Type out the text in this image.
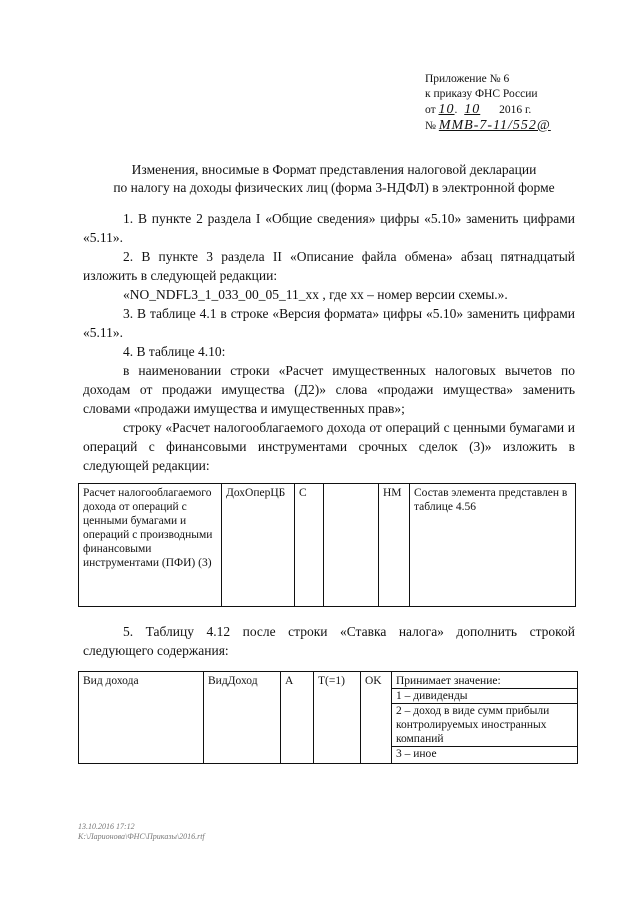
Приложение № 6
к приказу ФНС России
от 10. 10 2016 г.
№ ММВ-7-11/552@
Изменения, вносимые в Формат представления налоговой декларации
по налогу на доходы физических лиц (форма 3-НДФЛ) в электронной форме
1. В пункте 2 раздела I «Общие сведения» цифры «5.10» заменить цифрами «5.11».
2. В пункте 3 раздела II «Описание файла обмена» абзац пятнадцатый изложить в следующей редакции:
«NO_NDFL3_1_033_00_05_11_xx , где xx – номер версии схемы.».
3. В таблице 4.1 в строке «Версия формата» цифры «5.10» заменить цифрами «5.11».
4. В таблице 4.10:
в наименовании строки «Расчет имущественных налоговых вычетов по доходам от продажи имущества (Д2)» слова «продажи имущества» заменить словами «продажи имущества и имущественных прав»;
строку «Расчет налогооблагаемого дохода от операций с ценными бумагами и операций с финансовыми инструментами срочных сделок (3)» изложить в следующей редакции:
Расчет налогооблагаемого дохода от операций с ценными бумагами и операций с производными финансовыми инструментами (ПФИ) (3)	ДохОперЦБ	С		НМ	Состав элемента представлен в таблице 4.56
5. Таблицу 4.12 после строки «Ставка налога» дополнить строкой следующего содержания:
Вид дохода	ВидДоход	А	T(=1)	OK	Принимает значение:
1 – дивиденды
2 – доход в виде сумм прибыли контролируемых иностранных компаний
3 – иное
13.10.2016 17:12
К:\Ларионова\ФНС\Приказы\2016.rtf
